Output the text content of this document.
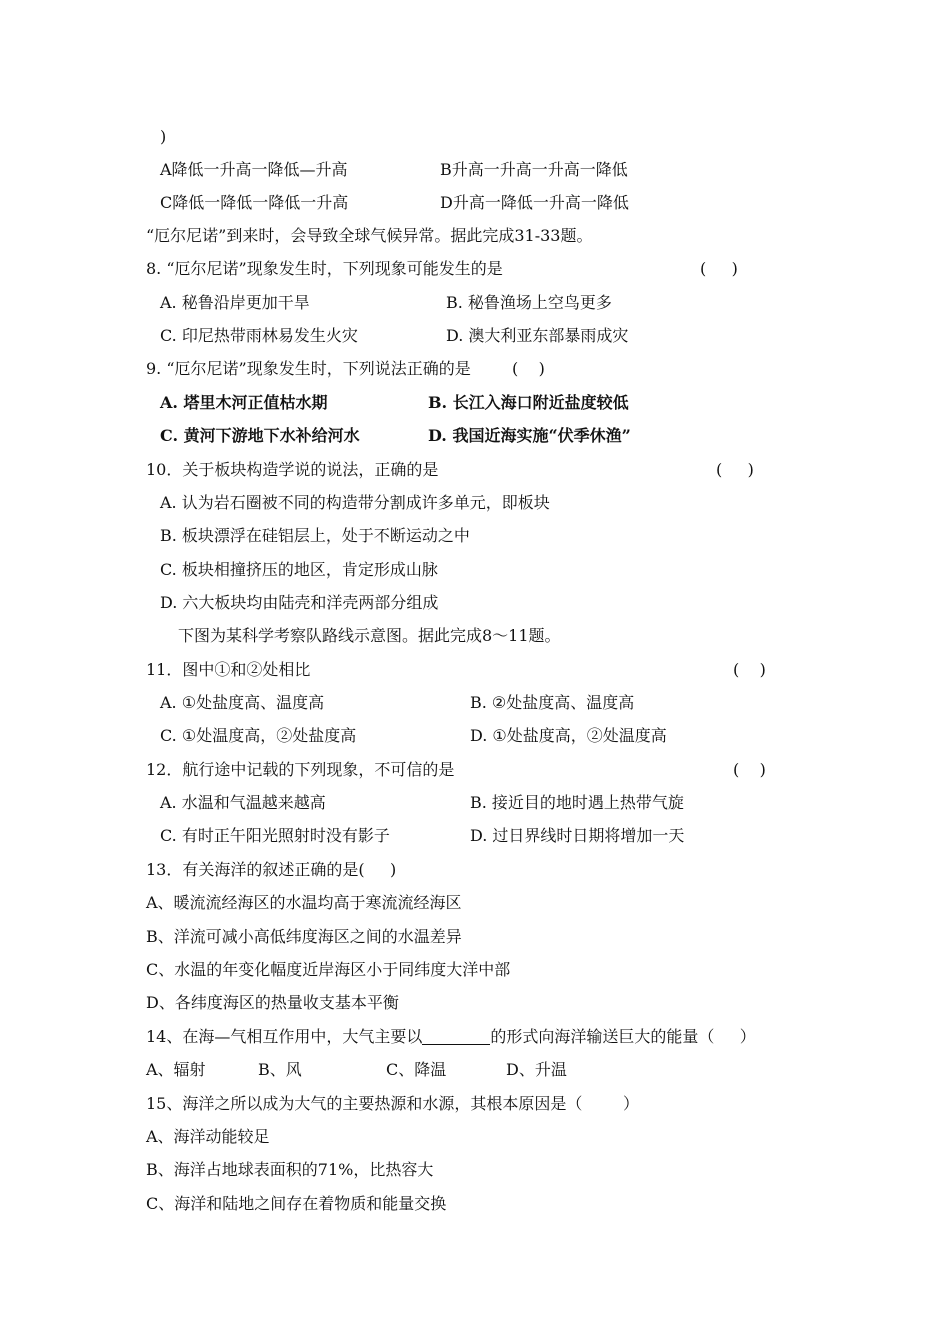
)
A降低一升高一降低—升高	B升高一升高一升高一降低
C降低一降低一降低一升高	D升高一降低一升高一降低
“厄尔尼诺”到来时，会导致全球气候异常。据此完成31-33题。
8. “厄尔尼诺”现象发生时，下列现象可能发生的是	(     )
A. 秘鲁沿岸更加干旱	B. 秘鲁渔场上空鸟更多
C. 印尼热带雨林易发生火灾	D. 澳大利亚东部暴雨成灾
9. “厄尔尼诺”现象发生时，下列说法正确的是	(    )
A. 塔里木河正值枯水期	B. 长江入海口附近盐度较低
C. 黄河下游地下水补给河水	D. 我国近海实施“伏季休渔”
10．关于板块构造学说的说法，正确的是	(     )
A. 认为岩石圈被不同的构造带分割成许多单元，即板块
B. 板块漂浮在硅铝层上，处于不断运动之中
C. 板块相撞挤压的地区，肯定形成山脉
D. 六大板块均由陆壳和洋壳两部分组成
下图为某科学考察队路线示意图。据此完成8～11题。
11．图中①和②处相比	(    )
A. ①处盐度高、温度高	B. ②处盐度高、温度高
C. ①处温度高，②处盐度高	D. ①处盐度高，②处温度高
12．航行途中记载的下列现象，不可信的是	(    )
A. 水温和气温越来越高	B. 接近目的地时遇上热带气旋
C. 有时正午阳光照射时没有影子	D. 过日界线时日期将增加一天
13．有关海洋的叙述正确的是(     )
A、暖流流经海区的水温均高于寒流流经海区
B、洋流可减小高低纬度海区之间的水温差异
C、水温的年变化幅度近岸海区小于同纬度大洋中部
D、各纬度海区的热量收支基本平衡
14、在海—气相互作用中，大气主要以	的形式向海洋输送巨大的能量（     ）
A、辐射	B、风	C、降温	D、升温
15、海洋之所以成为大气的主要热源和水源，其根本原因是（        ）
A、海洋动能较足
B、海洋占地球表面积的71%，比热容大
C、海洋和陆地之间存在着物质和能量交换
